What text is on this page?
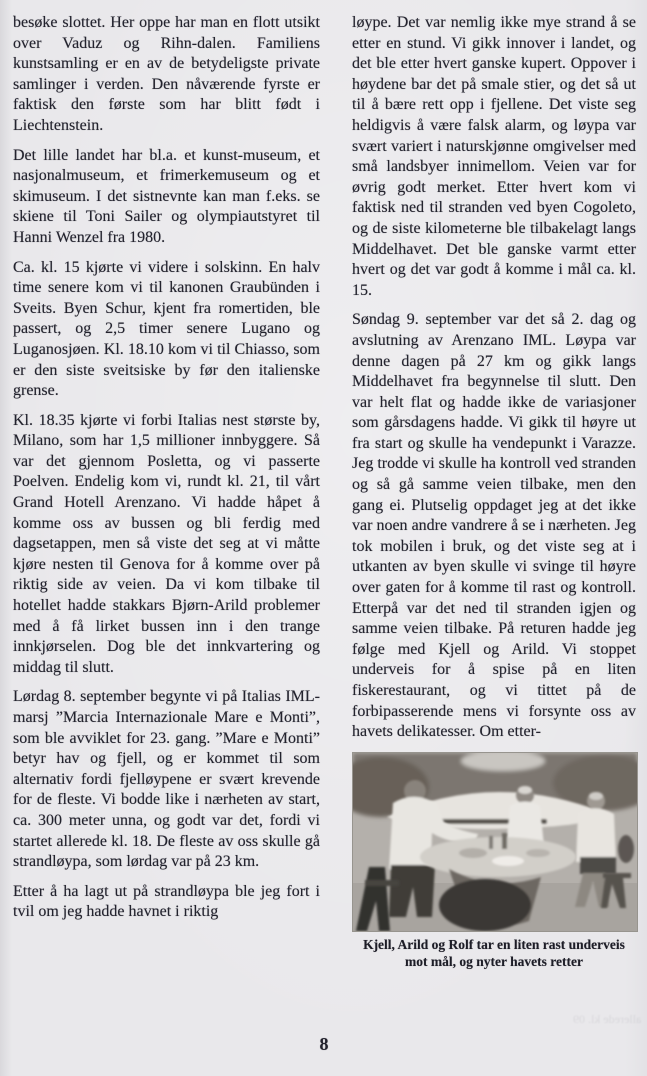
besøke slottet. Her oppe har man en flott utsikt over Vaduz og Rihn-dalen. Familiens kunstsamling er en av de betydeligste private samlinger i verden. Den nåværende fyrste er faktisk den første som har blitt født i Liechtenstein.

Det lille landet har bl.a. et kunst-museum, et nasjonalmuseum, et frimerkemuseum og et skimuseum. I det sistnevnte kan man f.eks. se skiene til Toni Sailer og olympiautstyret til Hanni Wenzel fra 1980.

Ca. kl. 15 kjørte vi videre i solskinn. En halv time senere kom vi til kanonen Graubünden i Sveits. Byen Schur, kjent fra romertiden, ble passert, og 2,5 timer senere Lugano og Luganosjøen. Kl. 18.10 kom vi til Chiasso, som er den siste sveitsiske by før den italienske grense.

Kl. 18.35 kjørte vi forbi Italias nest største by, Milano, som har 1,5 millioner innbyggere. Så var det gjennom Posletta, og vi passerte Poelven. Endelig kom vi, rundt kl. 21, til vårt Grand Hotell Arenzano. Vi hadde håpet å komme oss av bussen og bli ferdig med dagsetappen, men så viste det seg at vi måtte kjøre nesten til Genova for å komme over på riktig side av veien. Da vi kom tilbake til hotellet hadde stakkars Bjørn-Arild problemer med å få lirket bussen inn i den trange innkjørselen. Dog ble det innkvartering og middag til slutt.

Lørdag 8. september begynte vi på Italias IML-marsj ”Marcia Internazionale Mare e Monti”, som ble avviklet for 23. gang. ”Mare e Monti” betyr hav og fjell, og er kommet til som alternativ fordi fjelløypene er svært krevende for de fleste. Vi bodde like i nærheten av start, ca. 300 meter unna, og godt var det, fordi vi startet allerede kl. 18. De fleste av oss skulle gå strandløypa, som lørdag var på 23 km.

Etter å ha lagt ut på strandløypa ble jeg fort i tvil om jeg hadde havnet i riktig

løype. Det var nemlig ikke mye strand å se etter en stund. Vi gikk innover i landet, og det ble etter hvert ganske kupert. Oppover i høydene bar det på smale stier, og det så ut til å bære rett opp i fjellene. Det viste seg heldigvis å være falsk alarm, og løypa var svært variert i naturskjønne omgivelser med små landsbyer innimellom. Veien var for øvrig godt merket. Etter hvert kom vi faktisk ned til stranden ved byen Cogoleto, og de siste kilometerne ble tilbakelagt langs Middelhavet. Det ble ganske varmt etter hvert og det var godt å komme i mål ca. kl. 15.

Søndag 9. september var det så 2. dag og avslutning av Arenzano IML. Løypa var denne dagen på 27 km og gikk langs Middelhavet fra begynnelse til slutt. Den var helt flat og hadde ikke de variasjoner som gårsdagens hadde. Vi gikk til høyre ut fra start og skulle ha vendepunkt i Varazze. Jeg trodde vi skulle ha kontroll ved stranden og så gå samme veien tilbake, men den gang ei. Plutselig oppdaget jeg at det ikke var noen andre vandrere å se i nærheten. Jeg tok mobilen i bruk, og det viste seg at i utkanten av byen skulle vi svinge til høyre over gaten for å komme til rast og kontroll. Etterpå var det ned til stranden igjen og samme veien tilbake. På returen hadde jeg følge med Kjell og Arild. Vi stoppet underveis for å spise på en liten fiskerestaurant, og vi tittet på de forbipasserende mens vi forsynte oss av havets delikatesser. Om etter-

Kjell, Arild og Rolf tar en liten rast underveis
mot mål, og nyter havets retter
8
allerede kl. 09
